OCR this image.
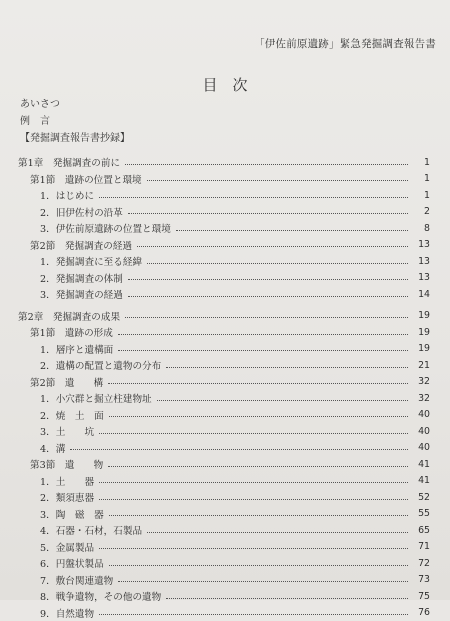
「伊佐前原遺跡」緊急発掘調査報告書
目　次
あいさつ
例　言
【発掘調査報告書抄録】
第1章　発掘調査の前に	1
第1節　遺跡の位置と環境	1
1．はじめに	1
2．旧伊佐村の沿革	2
3．伊佐前原遺跡の位置と環境	8
第2節　発掘調査の経過	13
1．発掘調査に至る経緯	13
2．発掘調査の体制	13
3．発掘調査の経過	14
第2章　発掘調査の成果	19
第1節　遺跡の形成	19
1．層序と遺構面	19
2．遺構の配置と遺物の分布	21
第2節　遺　　構	32
1．小穴群と掘立柱建物址	32
2．焼　土　面	40
3．土　　坑	40
4．溝	40
第3節　遺　　物	41
1．土　　器	41
2．類須恵器	52
3．陶　磁　器	55
4．石器・石材，石製品	65
5．金属製品	71
6．円盤状製品	72
7．敷台関連遺物	73
8．戦争遺物，その他の遺物	75
9．自然遺物	76
